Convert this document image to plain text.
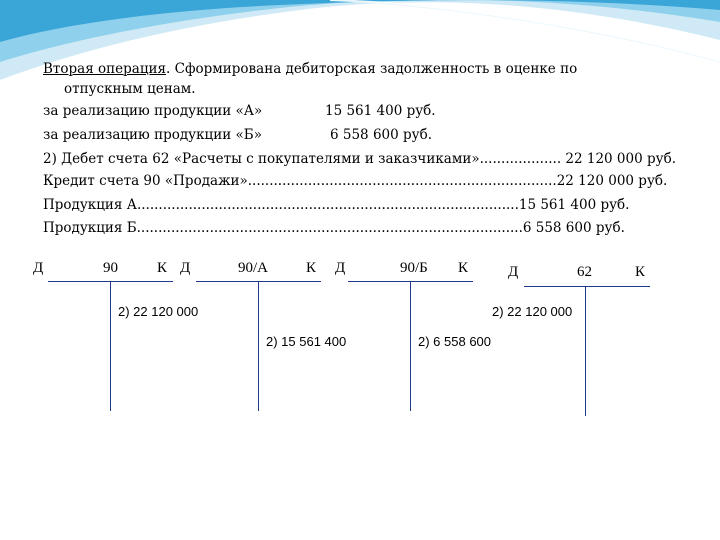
Вторая операция. Сформирована дебиторская задолженность в оценке по
отпускным ценам.
за реализацию продукции «А»	15 561 400 руб.
за реализацию продукции «Б»	6 558 600 руб.
2) Дебет счета 62 «Расчеты с покупателями и заказчиками»................... 22 120 000 руб.
Кредит счета 90 «Продажи»........................................................................22 120 000 руб.
Продукция А.........................................................................................15 561 400 руб.
Продукция Б..........................................................................................6 558 600 руб.
Д	90	К
2) 22 120 000
Д	90/А	К
2) 15 561 400
Д	90/Б К
2) 6 558 600
Д	62	К
2) 22 120 000
